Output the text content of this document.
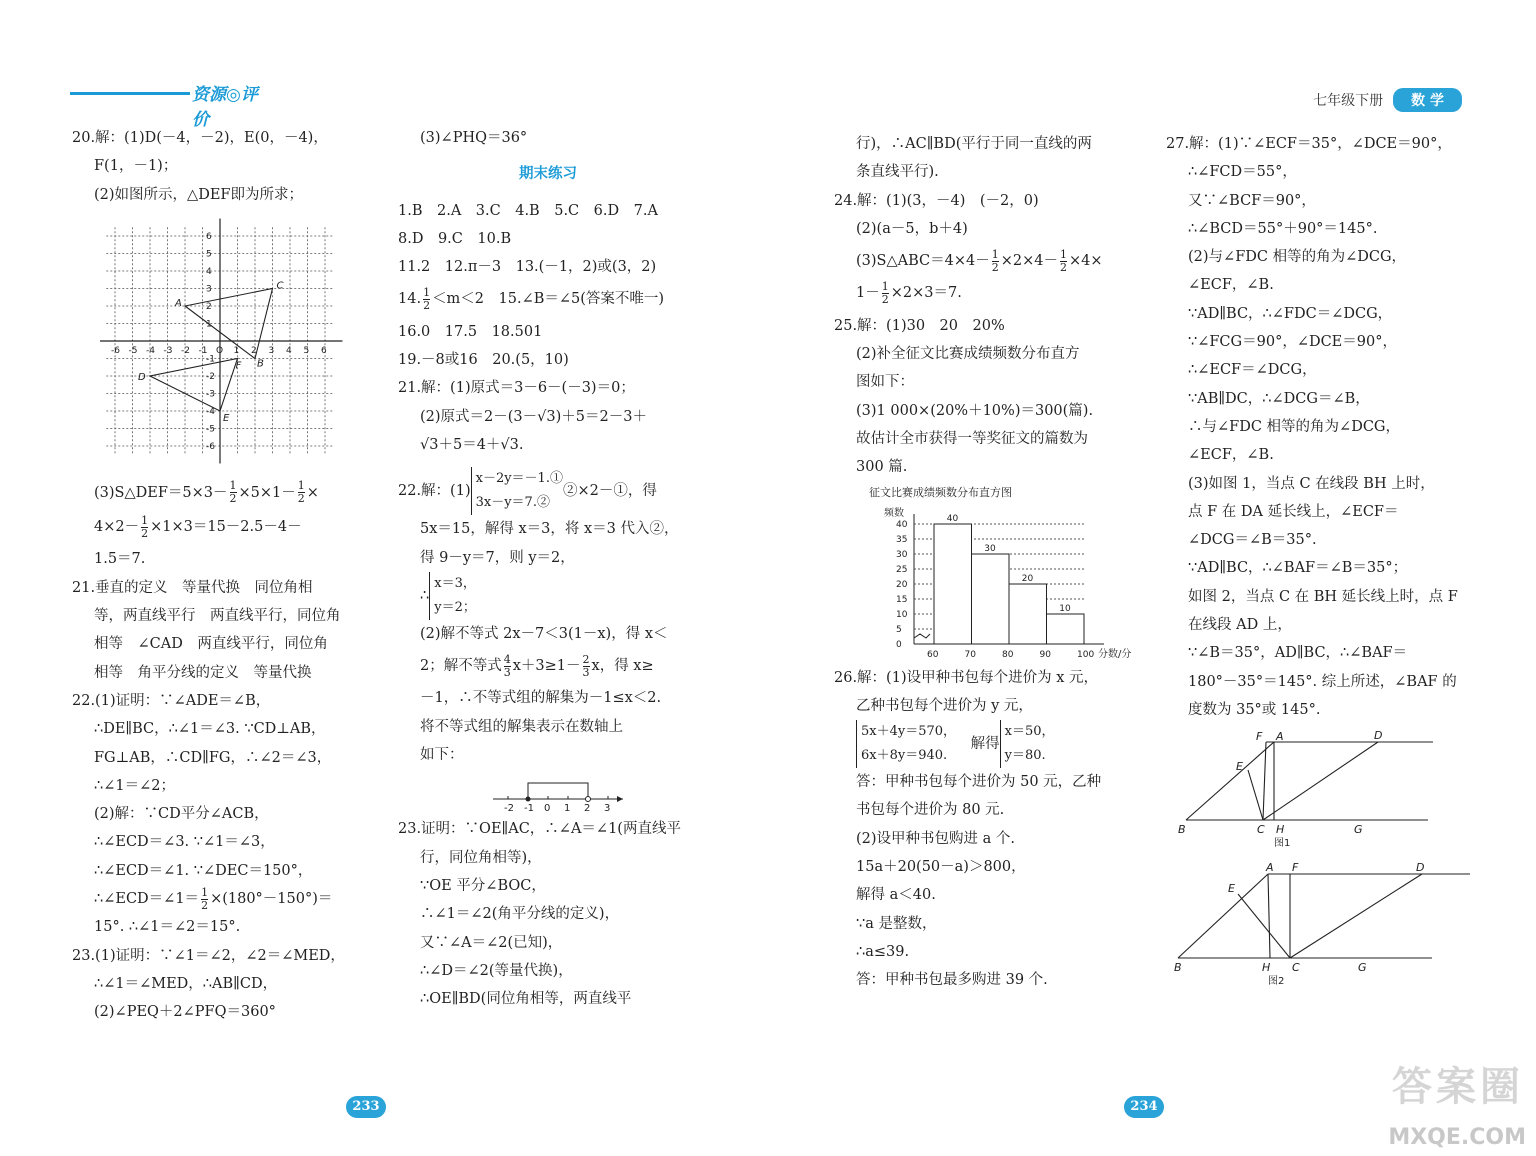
资源◎评价
20.解：(1)D(－4，－2)，E(0，－4)，
F(1，－1)；
(2)如图所示，△DEF即为所求；
-6 -5 -4 -3 -2 -1 O 1 2 3 4 5 6
6
5
4
3
2
1
-1
-2
-3
-4
-5
-6
A
B
C
D
E
F
(3)S△DEF＝5×3－ $\frac{1}{2} \times 5\times 1- \frac{1}{2}$ ×
$4\times 2- \frac{1}{2} \times 1\times 3=15-2.5-4-$
1.5＝7.
21.垂直的定义　等量代换　同位角相
等，两直线平行　两直线平行，同位角
相等　∠CAD　两直线平行，同位角
相等　角平分线的定义　等量代换
22.(1)证明：∵∠ADE＝∠B，
∴DE∥BC，∴∠1＝∠3. ∵CD⊥AB，
FG⊥AB，∴CD∥FG，∴∠2＝∠3，
∴∠1＝∠2；
(2)解：∵CD平分∠ACB，
∴∠ECD＝∠3. ∵∠1＝∠3，
∴∠ECD＝∠1. ∵∠DEC＝150°，
∴∠ECD＝∠1＝ $\frac{1}{2} \times(180^\circ-150^\circ)=$
15°. ∴∠1＝∠2＝15°.
23.(1)证明：∵∠1＝∠2，∠2＝∠MED，
∴∠1＝∠MED，∴AB∥CD，
(2)∠PEQ＋2∠PFQ＝360°
(3)∠PHQ＝36°
期末练习
1.B　2.A　3.C　4.B　5.C　6.D　7.A
8.D　9.C　10.B
11.2　12.π－3　13.(－1，2)或(3，2)
14. $\frac{1}{2} <m<2$　15.∠B＝∠5(答案不唯一)
16.0　17.5　18.501
19.－8或16　20.(5，10)
21.解：(1)原式＝3－6－(－3)＝0；
(2)原式＝2－(3－√3)＋5＝2－3＋
√3＋5＝4＋√3.
22.解：(1)
x－2y＝－1.①
3x－y＝7.②
②×2－①，得
5x＝15，解得 x＝3，将 x＝3 代入②，
得 9－y＝7，则 y＝2，
∴
x＝3，
y＝2；
(2)解不等式 2x－7＜3(1－x)，得 x＜
2；解不等式 $\frac{4}{3} x+3\ge 1- \frac{2}{3}$ x，得 x≥
－1，∴不等式组的解集为－1≤x＜2.
将不等式组的解集表示在数轴上
如下：
-2 -1 0 1 2 3
23.证明：∵OE∥AC，∴∠A＝∠1(两直线平
行，同位角相等)，
∵OE 平分∠BOC，
∴∠1＝∠2(角平分线的定义)，
又∵∠A＝∠2(已知)，
∴∠D＝∠2(等量代换)，
∴OE∥BD(同位角相等，两直线平
233
七年级下册 数 学
行)，∴AC∥BD(平行于同一直线的两
条直线平行).
24.解：(1)(3，－4)　(－2，0)
(2)(a－5，b＋4)
(3)S△ABC＝4×4－ $\frac{1}{2} \times 2\times 4- \frac{1}{2} \times 4\times$
$1- \frac{1}{2} \times 2\times 3=7$.
25.解：(1)30　20　20%
(2)补全征文比赛成绩频数分布直方
图如下：
(3)1 000×(20%＋10%)＝300(篇).
故估计全市获得一等奖征文的篇数为
300 篇.
征文比赛成绩频数分布直方图
频数
分数/分
0
5
10
15
20
25
30
35
40
60	70	80	90	100
40
30
20
10
26.解：(1)设甲种书包每个进价为 x 元，
乙种书包每个进价为 y 元，
5x＋4y＝570，
6x＋8y＝940.
解得
x＝50，
y＝80.
答：甲种书包每个进价为 50 元，乙种
书包每个进价为 80 元.
(2)设甲种书包购进 a 个.
15a＋20(50－a)＞800，
解得 a＜40.
∵a 是整数，
∴a≤39.
答：甲种书包最多购进 39 个.
27.解：(1)∵∠ECF＝35°，∠DCE＝90°，
∴∠FCD＝55°，
又∵∠BCF＝90°，
∴∠BCD＝55°＋90°＝145°.
(2)与∠FDC 相等的角为∠DCG，
∠ECF，∠B.
∵AD∥BC，∴∠FDC＝∠DCG，
∵∠FCG＝90°，∠DCE＝90°，
∴∠ECF＝∠DCG，
∵AB∥DC，∴∠DCG＝∠B，
∴与∠FDC 相等的角为∠DCG，
∠ECF，∠B.
(3)如图 1，当点 C 在线段 BH 上时，
点 F 在 DA 延长线上，∠ECF＝
∠DCG＝∠B＝35°.
∵AD∥BC，∴∠BAF＝∠B＝35°；
如图 2，当点 C 在 BH 延长线上时，点 F
在线段 AD 上，
∵∠B＝35°，AD∥BC，∴∠BAF＝
180°－35°＝145°. 综上所述，∠BAF 的
度数为 35°或 145°.
F A	D
E
B	C H	G
图1
A F	D
E
B	H C	G
图2
234	答案圈
MXQE.COM
